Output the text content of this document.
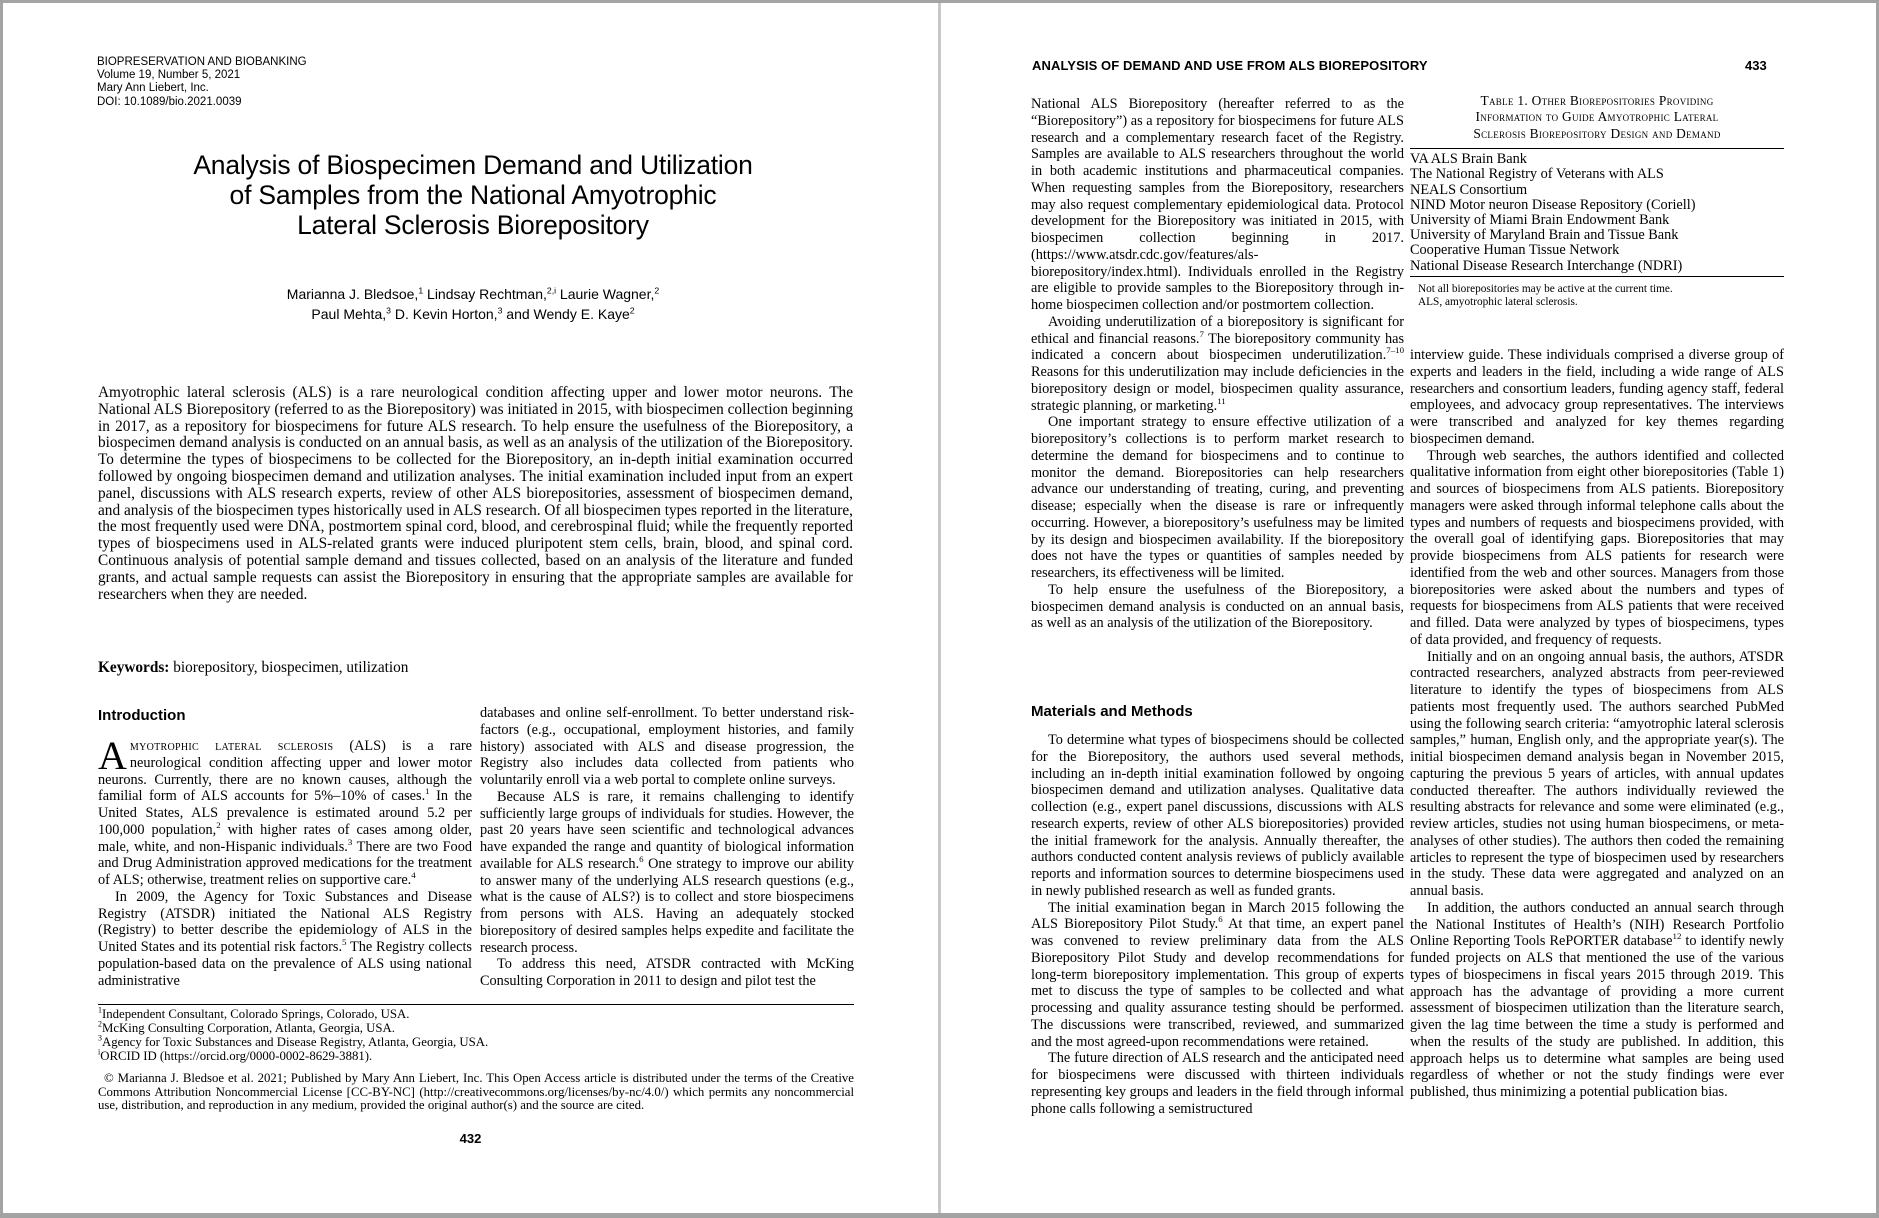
BIOPRESERVATION AND BIOBANKING
Volume 19, Number 5, 2021
Mary Ann Liebert, Inc.
DOI: 10.1089/bio.2021.0039
Analysis of Biospecimen Demand and Utilization
of Samples from the National Amyotrophic
Lateral Sclerosis Biorepository
Marianna J. Bledsoe,$^1$ Lindsay Rechtman,$^{2,i}$ Laurie Wagner,$^2$
Paul Mehta,$^3$ D. Kevin Horton,$^3$ and Wendy E. Kaye$^2$
Amyotrophic lateral sclerosis (ALS) is a rare neurological condition affecting upper and lower motor neurons. The National ALS Biorepository (referred to as the Biorepository) was initiated in 2015, with biospecimen collection beginning in 2017, as a repository for biospecimens for future ALS research. To help ensure the usefulness of the Biorepository, a biospecimen demand analysis is conducted on an annual basis, as well as an analysis of the utilization of the Biorepository. To determine the types of biospecimens to be collected for the Biorepository, an in-depth initial examination occurred followed by ongoing biospecimen demand and utilization analyses. The initial examination included input from an expert panel, discussions with ALS research experts, review of other ALS biorepositories, assessment of biospecimen demand, and analysis of the biospecimen types historically used in ALS research. Of all biospecimen types reported in the literature, the most frequently used were DNA, postmortem spinal cord, blood, and cerebrospinal fluid; while the frequently reported types of biospecimens used in ALS-related grants were induced pluripotent stem cells, brain, blood, and spinal cord. Continuous analysis of potential sample demand and tissues collected, based on an analysis of the literature and funded grants, and actual sample requests can assist the Biorepository in ensuring that the appropriate samples are available for researchers when they are needed.
Keywords: biorepository, biospecimen, utilization
Introduction

Amyotrophic lateral sclerosis (ALS) is a rare neurological condition affecting upper and lower motor neurons. Currently, there are no known causes, although the familial form of ALS accounts for 5%–10% of cases.$^1$ In the United States, ALS prevalence is estimated around 5.2 per 100,000 population,$^2$ with higher rates of cases among older, male, white, and non-Hispanic individuals.$^3$ There are two Food and Drug Administration approved medications for the treatment of ALS; otherwise, treatment relies on supportive care.$^4$

In 2009, the Agency for Toxic Substances and Disease Registry (ATSDR) initiated the National ALS Registry (Registry) to better describe the epidemiology of ALS in the United States and its potential risk factors.$^5$ The Registry collects population-based data on the prevalence of ALS using national administrative

databases and online self-enrollment. To better understand risk-factors (e.g., occupational, employment histories, and family history) associated with ALS and disease progression, the Registry also includes data collected from patients who voluntarily enroll via a web portal to complete online surveys.

Because ALS is rare, it remains challenging to identify sufficiently large groups of individuals for studies. However, the past 20 years have seen scientific and technological advances have expanded the range and quantity of biological information available for ALS research.$^6$ One strategy to improve our ability to answer many of the underlying ALS research questions (e.g., what is the cause of ALS?) is to collect and store biospecimens from persons with ALS. Having an adequately stocked biorepository of desired samples helps expedite and facilitate the research process.

To address this need, ATSDR contracted with McKing Consulting Corporation in 2011 to design and pilot test the

$^1$Independent Consultant, Colorado Springs, Colorado, USA.
$^2$McKing Consulting Corporation, Atlanta, Georgia, USA.
$^3$Agency for Toxic Substances and Disease Registry, Atlanta, Georgia, USA.
$^i$ORCID ID (https://orcid.org/0000-0002-8629-3881).
© Marianna J. Bledsoe et al. 2021; Published by Mary Ann Liebert, Inc. This Open Access article is distributed under the terms of the Creative Commons Attribution Noncommercial License [CC-BY-NC] (http://creativecommons.org/licenses/by-nc/4.0/) which permits any noncommercial use, distribution, and reproduction in any medium, provided the original author(s) and the source are cited.
432
ANALYSIS OF DEMAND AND USE FROM ALS BIOREPOSITORY	433

National ALS Biorepository (hereafter referred to as the “Biorepository”) as a repository for biospecimens for future ALS research and a complementary research facet of the Registry. Samples are available to ALS researchers throughout the world in both academic institutions and pharmaceutical companies. When requesting samples from the Biorepository, researchers may also request complementary epidemiological data. Protocol development for the Biorepository was initiated in 2015, with biospecimen collection beginning in 2017. (https://www.atsdr.cdc.gov/features/als-biorepository/index.html). Individuals enrolled in the Registry are eligible to provide samples to the Biorepository through in-home biospecimen collection and/or postmortem collection.

Avoiding underutilization of a biorepository is significant for ethical and financial reasons.$^7$ The biorepository community has indicated a concern about biospecimen underutilization.$^{7-10}$ Reasons for this underutilization may include deficiencies in the biorepository design or model, biospecimen quality assurance, strategic planning, or marketing.$^{11}$

One important strategy to ensure effective utilization of a biorepository’s collections is to perform market research to determine the demand for biospecimens and to continue to monitor the demand. Biorepositories can help researchers advance our understanding of treating, curing, and preventing disease; especially when the disease is rare or infrequently occurring. However, a biorepository’s usefulness may be limited by its design and biospecimen availability. If the biorepository does not have the types or quantities of samples needed by researchers, its effectiveness will be limited.

To help ensure the usefulness of the Biorepository, a biospecimen demand analysis is conducted on an annual basis, as well as an analysis of the utilization of the Biorepository.

Materials and Methods

To determine what types of biospecimens should be collected for the Biorepository, the authors used several methods, including an in-depth initial examination followed by ongoing biospecimen demand and utilization analyses. Qualitative data collection (e.g., expert panel discussions, discussions with ALS research experts, review of other ALS biorepositories) provided the initial framework for the analysis. Annually thereafter, the authors conducted content analysis reviews of publicly available reports and information sources to determine biospecimens used in newly published research as well as funded grants.

The initial examination began in March 2015 following the ALS Biorepository Pilot Study.$^6$ At that time, an expert panel was convened to review preliminary data from the ALS Biorepository Pilot Study and develop recommendations for long-term biorepository implementation. This group of experts met to discuss the type of samples to be collected and what processing and quality assurance testing should be performed. The discussions were transcribed, reviewed, and summarized and the most agreed-upon recommendations were retained.

The future direction of ALS research and the anticipated need for biospecimens were discussed with thirteen individuals representing key groups and leaders in the field through informal phone calls following a semistructured

Table 1. Other Biorepositories Providing
Information to Guide Amyotrophic Lateral
Sclerosis Biorepository Design and Demand
VA ALS Brain Bank
The National Registry of Veterans with ALS
NEALS Consortium
NIND Motor neuron Disease Repository (Coriell)
University of Miami Brain Endowment Bank
University of Maryland Brain and Tissue Bank
Cooperative Human Tissue Network
National Disease Research Interchange (NDRI)
Not all biorepositories may be active at the current time.
ALS, amyotrophic lateral sclerosis.

interview guide. These individuals comprised a diverse group of experts and leaders in the field, including a wide range of ALS researchers and consortium leaders, funding agency staff, federal employees, and advocacy group representatives. The interviews were transcribed and analyzed for key themes regarding biospecimen demand.

Through web searches, the authors identified and collected qualitative information from eight other biorepositories (Table 1) and sources of biospecimens from ALS patients. Biorepository managers were asked through informal telephone calls about the types and numbers of requests and biospecimens provided, with the overall goal of identifying gaps. Biorepositories that may provide biospecimens from ALS patients for research were identified from the web and other sources. Managers from those biorepositories were asked about the numbers and types of requests for biospecimens from ALS patients that were received and filled. Data were analyzed by types of biospecimens, types of data provided, and frequency of requests.

Initially and on an ongoing annual basis, the authors, ATSDR contracted researchers, analyzed abstracts from peer-reviewed literature to identify the types of biospecimens from ALS patients most frequently used. The authors searched PubMed using the following search criteria: “amyotrophic lateral sclerosis samples,” human, English only, and the appropriate year(s). The initial biospecimen demand analysis began in November 2015, capturing the previous 5 years of articles, with annual updates conducted thereafter. The authors individually reviewed the resulting abstracts for relevance and some were eliminated (e.g., review articles, studies not using human biospecimens, or meta-analyses of other studies). The authors then coded the remaining articles to represent the type of biospecimen used by researchers in the study. These data were aggregated and analyzed on an annual basis.

In addition, the authors conducted an annual search through the National Institutes of Health’s (NIH) Research Portfolio Online Reporting Tools RePORTER database$^{12}$ to identify newly funded projects on ALS that mentioned the use of the various types of biospecimens in fiscal years 2015 through 2019. This approach has the advantage of providing a more current assessment of biospecimen utilization than the literature search, given the lag time between the time a study is performed and when the results of the study are published. In addition, this approach helps us to determine what samples are being used regardless of whether or not the study findings were ever published, thus minimizing a potential publication bias.
